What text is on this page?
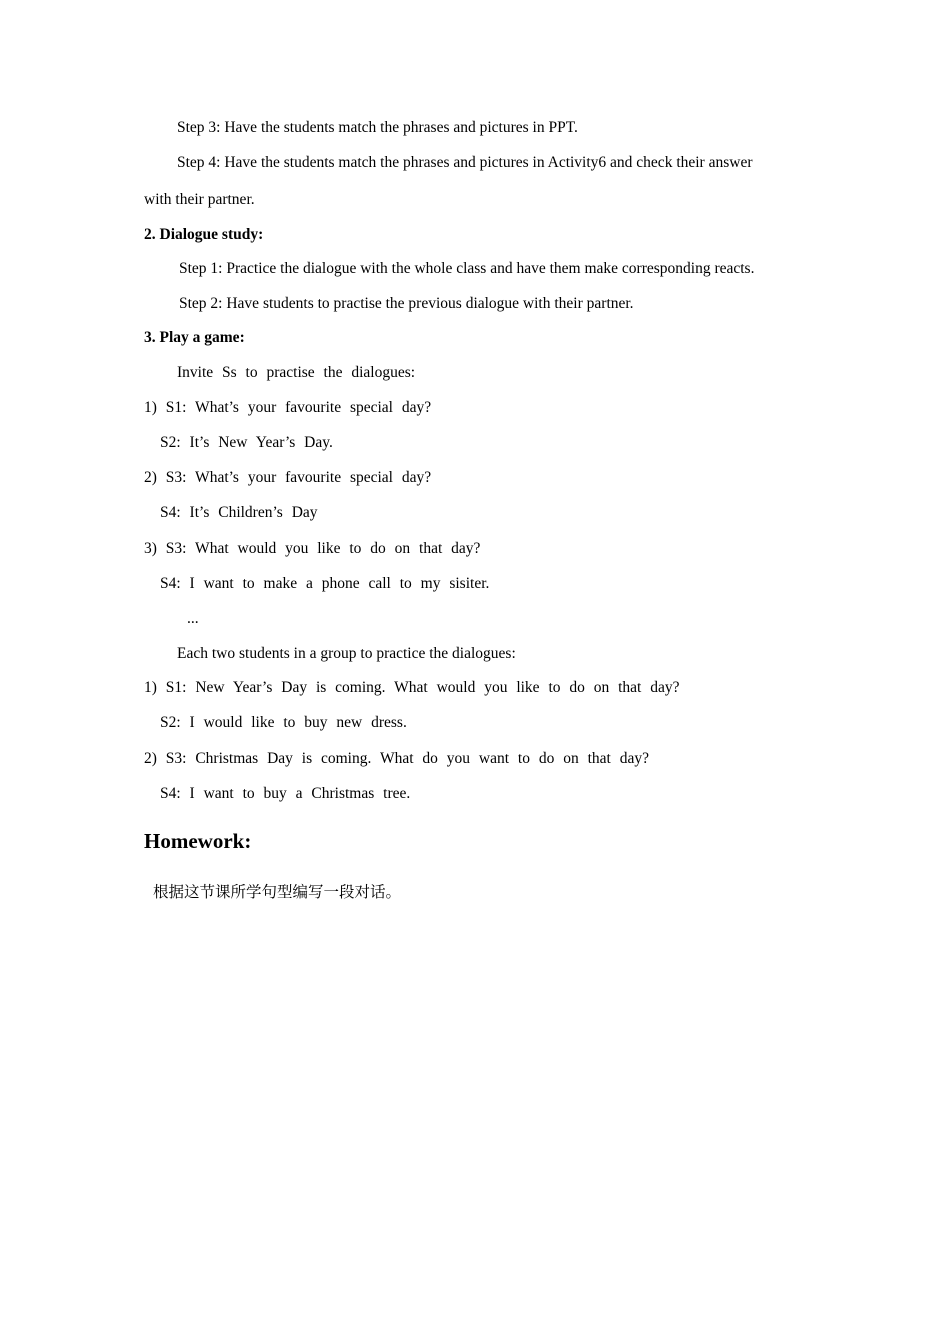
Step 3: Have the students match the phrases and pictures in PPT.
Step 4: Have the students match the phrases and pictures in Activity6 and check their answer
with their partner.
2. Dialogue study:
Step 1: Practice the dialogue with the whole class and have them make corresponding reacts.
Step 2: Have students to practise the previous dialogue with their partner.
3. Play a game:
Invite Ss to practise the dialogues:
1) S1: What’s your favourite special day?
S2: It’s New Year’s Day.
2) S3: What’s your favourite special day?
S4: It’s Children’s Day
3) S3: What would you like to do on that day?
S4: I want to make a phone call to my sisiter.
...
Each two students in a group to practice the dialogues:
1) S1: New Year’s Day is coming. What would you like to do on that day?
S2: I would like to buy new dress.
2) S3: Christmas Day is coming. What do you want to do on that day?
S4: I want to buy a Christmas tree.
Homework:
根据这节课所学句型编写一段对话。
